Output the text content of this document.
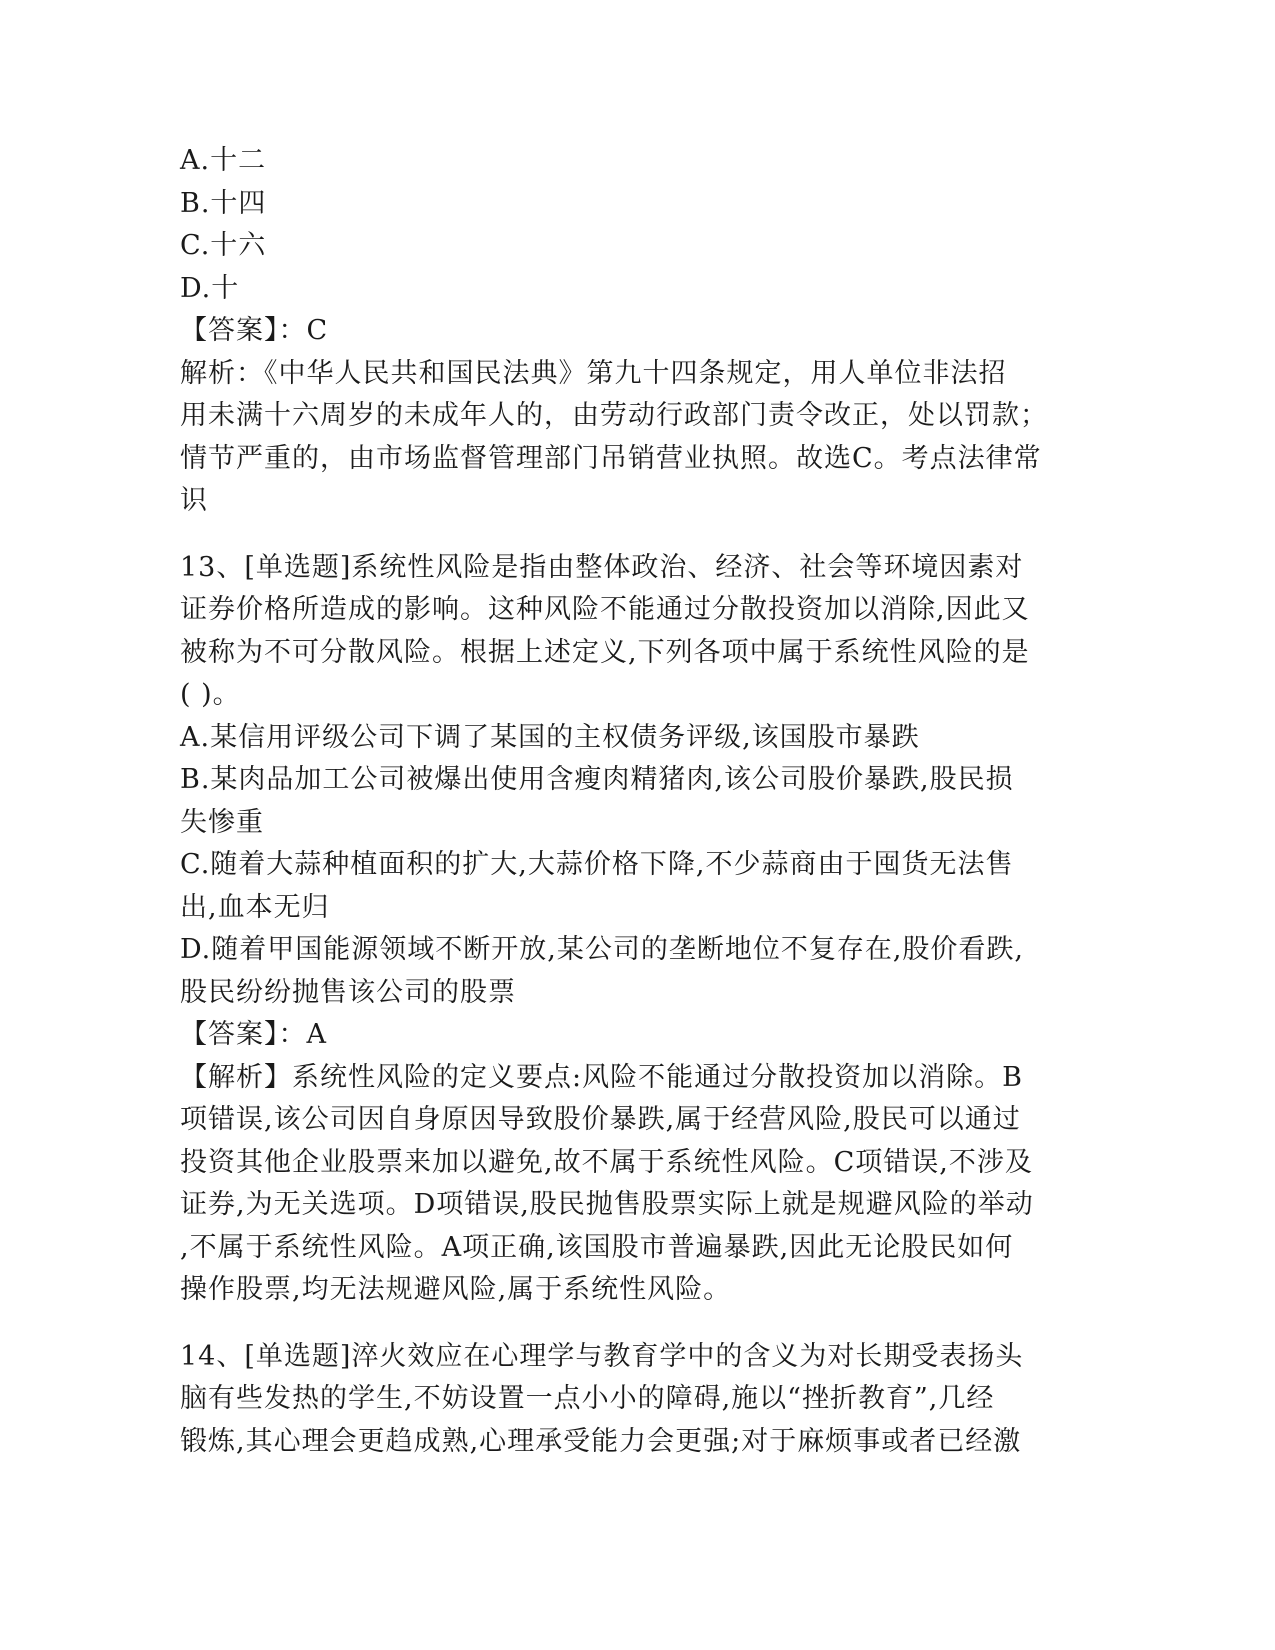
A.十二
B.十四
C.十六
D.十
【答案】：C
解析：《中华人民共和国民法典》第九十四条规定，用人单位非法招
用未满十六周岁的未成年人的，由劳动行政部门责令改正，处以罚款；
情节严重的，由市场监督管理部门吊销营业执照。故选C。考点法律常
识
13、[单选题]系统性风险是指由整体政治、经济、社会等环境因素对
证券价格所造成的影响。这种风险不能通过分散投资加以消除,因此又
被称为不可分散风险。根据上述定义,下列各项中属于系统性风险的是
( )。
A.某信用评级公司下调了某国的主权债务评级,该国股市暴跌
B.某肉品加工公司被爆出使用含瘦肉精猪肉,该公司股价暴跌,股民损
失惨重
C.随着大蒜种植面积的扩大,大蒜价格下降,不少蒜商由于囤货无法售
出,血本无归
D.随着甲国能源领域不断开放,某公司的垄断地位不复存在,股价看跌,
股民纷纷抛售该公司的股票
【答案】：A
【解析】系统性风险的定义要点:风险不能通过分散投资加以消除。B
项错误,该公司因自身原因导致股价暴跌,属于经营风险,股民可以通过
投资其他企业股票来加以避免,故不属于系统性风险。C项错误,不涉及
证券,为无关选项。D项错误,股民抛售股票实际上就是规避风险的举动
,不属于系统性风险。A项正确,该国股市普遍暴跌,因此无论股民如何
操作股票,均无法规避风险,属于系统性风险。
14、[单选题]淬火效应在心理学与教育学中的含义为对长期受表扬头
脑有些发热的学生,不妨设置一点小小的障碍,施以“挫折教育”,几经
锻炼,其心理会更趋成熟,心理承受能力会更强;对于麻烦事或者已经激
